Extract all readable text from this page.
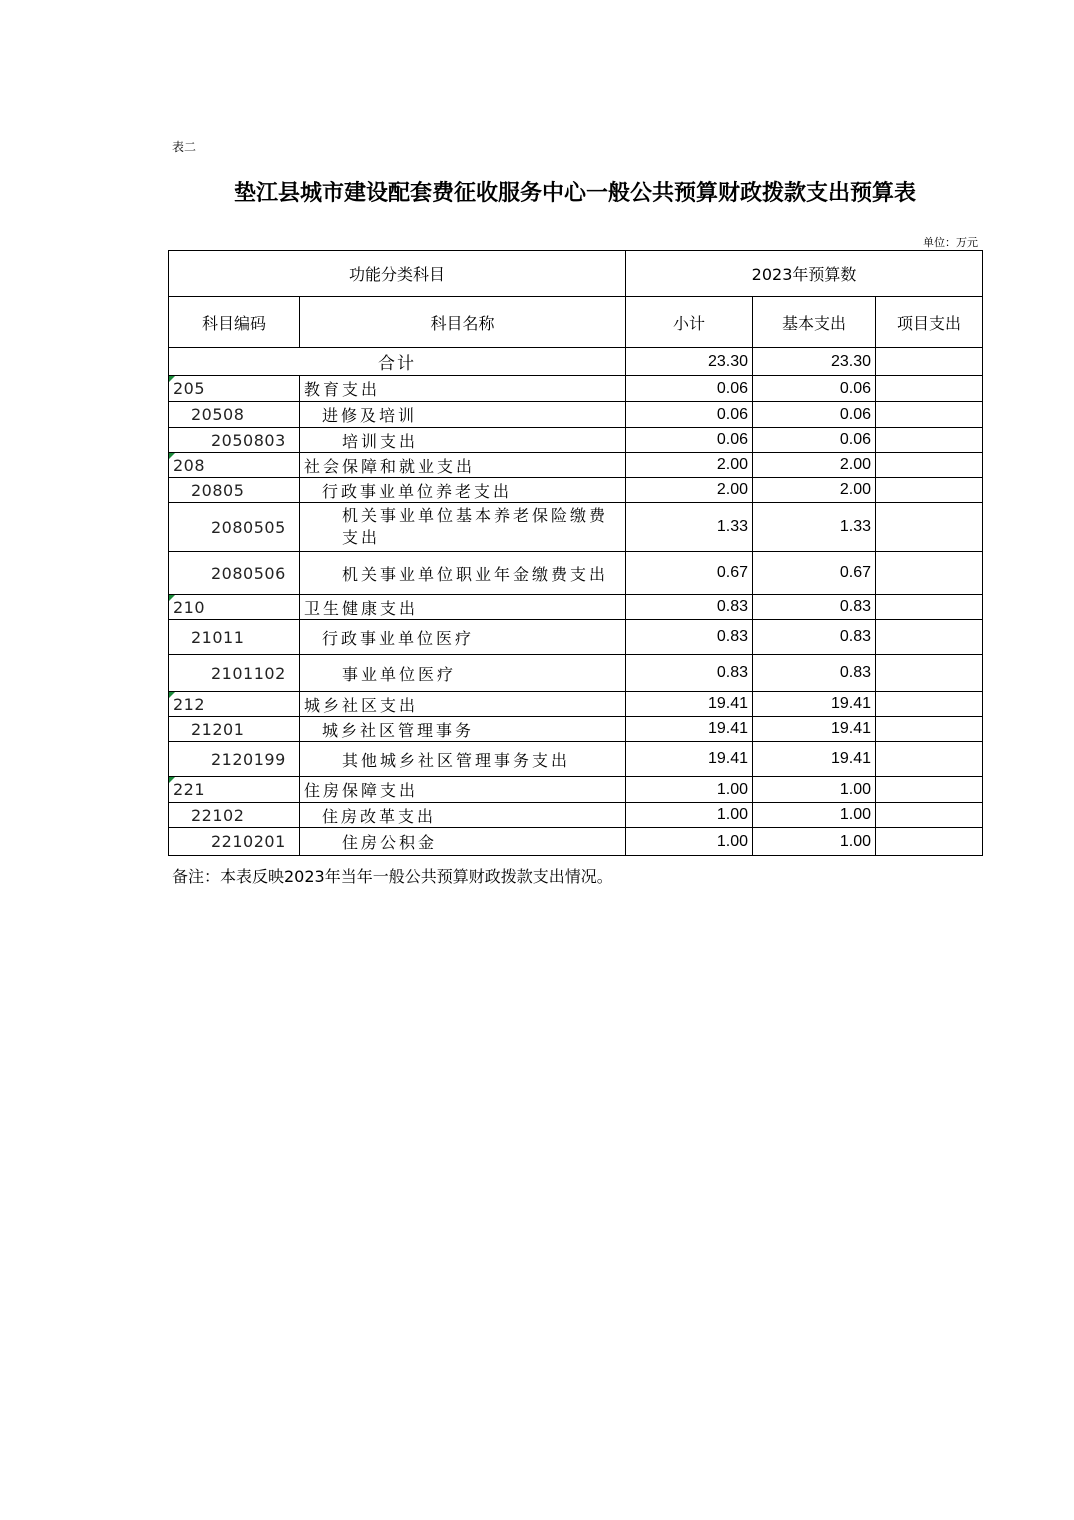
表二
垫江县城市建设配套费征收服务中心一般公共预算财政拨款支出预算表
单位：万元
功能分类科目		2023年预算数		
科目编码	科目名称	小计	基本支出	项目支出
合计		23.30	23.30	
205	教育支出	0.06	0.06	
20508	进修及培训	0.06	0.06	
2050803	培训支出	0.06	0.06	
208	社会保障和就业支出	2.00	2.00	
20805	行政事业单位养老支出	2.00	2.00	
2080505	机关事业单位基本养老保险缴费支出	1.33	1.33	
2080506	机关事业单位职业年金缴费支出	0.67	0.67	
210	卫生健康支出	0.83	0.83	
21011	行政事业单位医疗	0.83	0.83	
2101102	事业单位医疗	0.83	0.83	
212	城乡社区支出	19.41	19.41	
21201	城乡社区管理事务	19.41	19.41	
2120199	其他城乡社区管理事务支出	19.41	19.41	
221	住房保障支出	1.00	1.00	
22102	住房改革支出	1.00	1.00	
2210201	住房公积金	1.00	1.00	
备注：本表反映2023年当年一般公共预算财政拨款支出情况。
